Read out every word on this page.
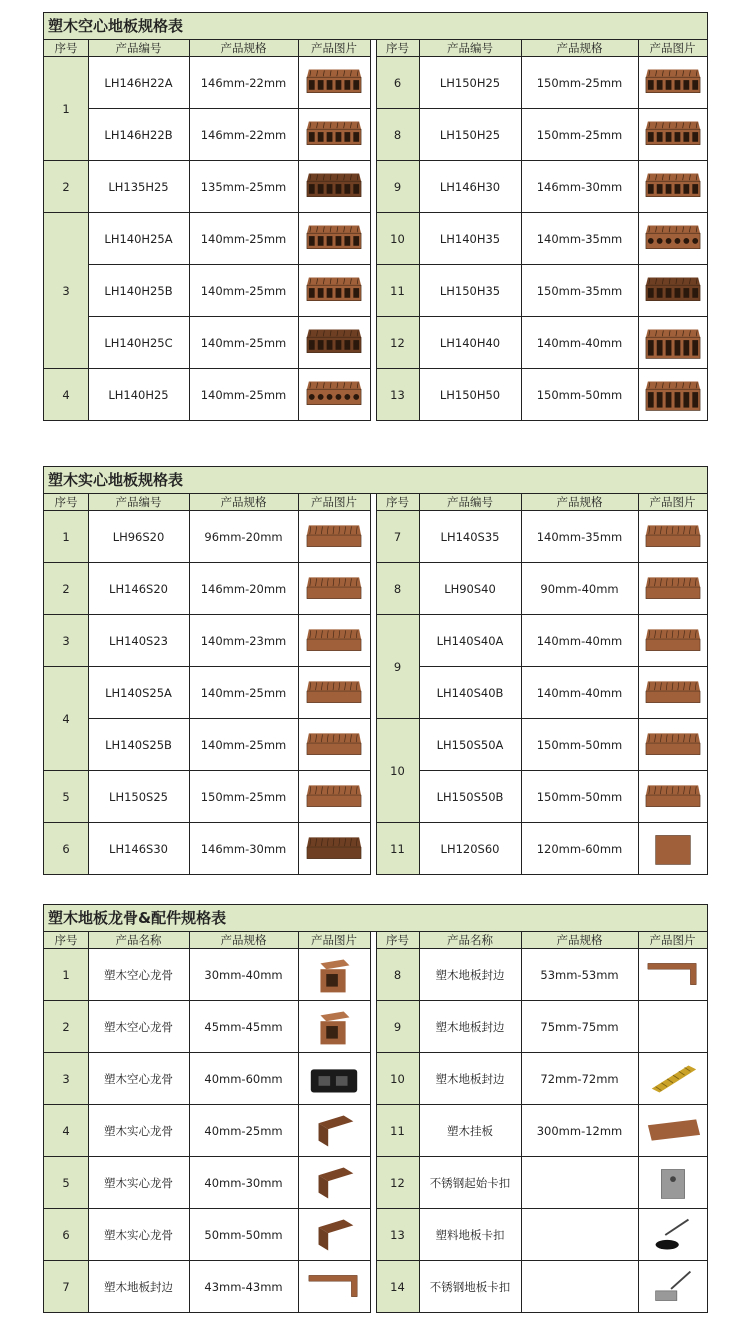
塑木空心地板规格表
序号	产品编号	产品规格	产品图片	序号	产品编号	产品规格	产品图片
1
LH146H22A	146mm-22mm
LH146H22B	146mm-22mm
2	LH135H25	135mm-25mm
3
LH140H25A	140mm-25mm
LH140H25B	140mm-25mm
LH140H25C	140mm-25mm
4	LH140H25	140mm-25mm
6	LH150H25	150mm-25mm
8	LH150H25	150mm-25mm
9	LH146H30	146mm-30mm
10	LH140H35	140mm-35mm
11	LH150H35	150mm-35mm
12	LH140H40	140mm-40mm
13	LH150H50	150mm-50mm
塑木实心地板规格表
序号	产品编号	产品规格	产品图片	序号	产品编号	产品规格	产品图片
1	LH96S20	96mm-20mm
2	LH146S20	146mm-20mm
3	LH140S23	140mm-23mm
4
LH140S25A	140mm-25mm
LH140S25B	140mm-25mm
5	LH150S25	150mm-25mm
6	LH146S30	146mm-30mm
7	LH140S35	140mm-35mm
8	LH90S40	90mm-40mm
9
LH140S40A	140mm-40mm
LH140S40B	140mm-40mm
10
LH150S50A	150mm-50mm
LH150S50B	150mm-50mm
11	LH120S60	120mm-60mm
塑木地板龙骨&配件规格表
序号	产品名称	产品规格	产品图片	序号	产品名称	产品规格	产品图片
1	塑木空心龙骨	30mm-40mm
2	塑木空心龙骨	45mm-45mm
3	塑木空心龙骨	40mm-60mm
4	塑木实心龙骨	40mm-25mm
5	塑木实心龙骨	40mm-30mm
6	塑木实心龙骨	50mm-50mm
7	塑木地板封边	43mm-43mm
8	塑木地板封边	53mm-53mm
9	塑木地板封边	75mm-75mm
10	塑木地板封边	72mm-72mm
11	塑木挂板	300mm-12mm
12	不锈钢起始卡扣
13	塑料地板卡扣
14	不锈钢地板卡扣
